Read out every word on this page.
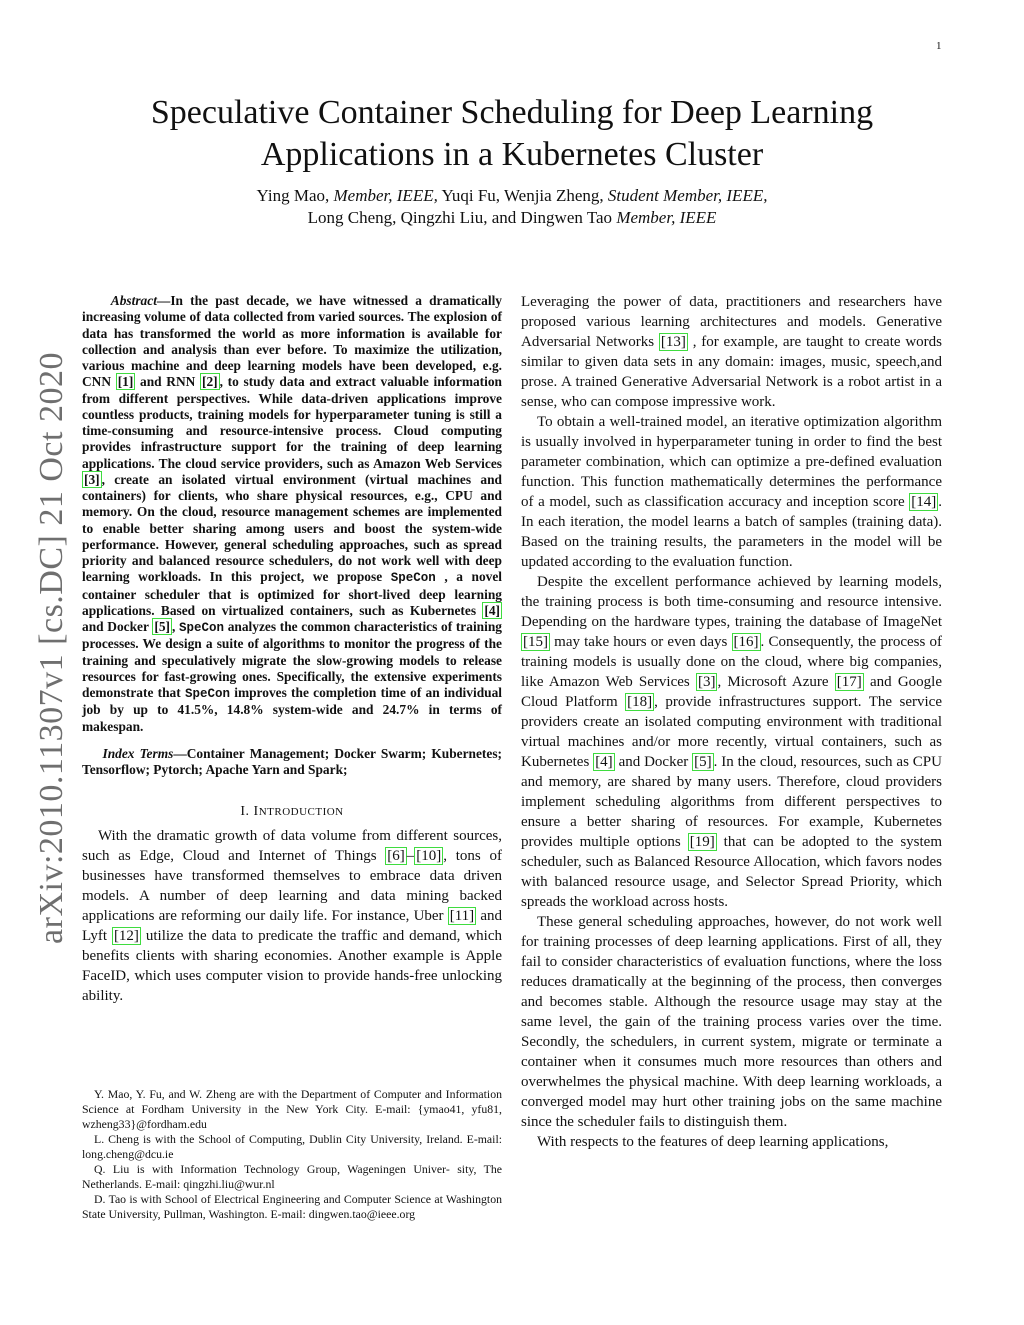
1
arXiv:2010.11307v1 [cs.DC] 21 Oct 2020
Speculative Container Scheduling for Deep Learning
Applications in a Kubernetes Cluster
Ying Mao, Member, IEEE, Yuqi Fu, Wenjia Zheng, Student Member, IEEE,
Long Cheng, Qingzhi Liu, and Dingwen Tao Member, IEEE

Abstract—In the past decade, we have witnessed a dramatically increasing volume of data collected from varied sources. The explosion of data has transformed the world as more information is available for collection and analysis than ever before. To maximize the utilization, various machine and deep learning models have been developed, e.g. CNN [1] and RNN [2] , to study data and extract valuable information from different perspectives. While data-driven applications improve countless products, training models for hyperparameter tuning is still a time-consuming and resource-intensive process. Cloud computing provides infrastructure support for the training of deep learning applications. The cloud service providers, such as Amazon Web Services [3] , create an isolated virtual environment (virtual machines and containers) for clients, who share physical resources, e.g., CPU and memory. On the cloud, resource management schemes are implemented to enable better sharing among users and boost the system-wide performance. However, general scheduling approaches, such as spread priority and balanced resource schedulers, do not work well with deep learning workloads. In this project, we propose SpeCon , a novel container scheduler that is optimized for short-lived deep learning applications. Based on virtualized containers, such as Kubernetes [4] and Docker [5] , SpeCon analyzes the common characteristics of training processes. We design a suite of algorithms to monitor the progress of the training and speculatively migrate the slow-growing models to release resources for fast-growing ones. Specifically, the extensive experiments demonstrate that SpeCon improves the completion time of an individual job by up to 41.5%, 14.8% system-wide and 24.7% in terms of makespan.

Index Terms—Container Management; Docker Swarm; Kubernetes; Tensorflow; Pytorch; Apache Yarn and Spark;

I. INTRODUCTION

With the dramatic growth of data volume from different sources, such as Edge, Cloud and Internet of Things [6] – [10] , tons of businesses have transformed themselves to embrace data driven models. A number of deep learning and data mining backed applications are reforming our daily life. For instance, Uber [11] and Lyft [12] utilize the data to predicate the traffic and demand, which benefits clients with sharing economies. Another example is Apple FaceID, which uses computer vision to provide hands-free unlocking ability.

Y. Mao, Y. Fu, and W. Zheng are with the Department of Computer and Information Science at Fordham University in the New York City. E-mail: {ymao41, yfu81, wzheng33}@fordham.edu

L. Cheng is with the School of Computing, Dublin City University, Ireland. E-mail: long.cheng@dcu.ie

Q. Liu is with Information Technology Group, Wageningen Univer- sity, The Netherlands. E-mail: qingzhi.liu@wur.nl

D. Tao is with School of Electrical Engineering and Computer Science at Washington State University, Pullman, Washington. E-mail: dingwen.tao@ieee.org

Leveraging the power of data, practitioners and researchers have proposed various learning architectures and models. Generative Adversarial Networks [13] , for example, are taught to create words similar to given data sets in any domain: images, music, speech,and prose. A trained Generative Adversarial Network is a robot artist in a sense, who can compose impressive work.

To obtain a well-trained model, an iterative optimization algorithm is usually involved in hyperparameter tuning in order to find the best parameter combination, which can optimize a pre-defined evaluation function. This function mathematically determines the performance of a model, such as classification accuracy and inception score [14] . In each iteration, the model learns a batch of samples (training data). Based on the training results, the parameters in the model will be updated according to the evaluation function.

Despite the excellent performance achieved by learning models, the training process is both time-consuming and resource intensive. Depending on the hardware types, training the database of ImageNet [15] may take hours or even days [16] . Consequently, the process of training models is usually done on the cloud, where big companies, like Amazon Web Services [3] , Microsoft Azure [17] and Google Cloud Platform [18] , provide infrastructures support. The service providers create an isolated computing environment with traditional virtual machines and/or more recently, virtual containers, such as Kubernetes [4] and Docker [5] . In the cloud, resources, such as CPU and memory, are shared by many users. Therefore, cloud providers implement scheduling algorithms from different perspectives to ensure a better sharing of resources. For example, Kubernetes provides multiple options [19] that can be adopted to the system scheduler, such as Balanced Resource Allocation, which favors nodes with balanced resource usage, and Selector Spread Priority, which spreads the workload across hosts.

These general scheduling approaches, however, do not work well for training processes of deep learning applications. First of all, they fail to consider characteristics of evaluation functions, where the loss reduces dramatically at the beginning of the process, then converges and becomes stable. Although the resource usage may stay at the same level, the gain of the training process varies over the time. Secondly, the schedulers, in current system, migrate or terminate a container when it consumes much more resources than others and overwhelmes the physical machine. With deep learning workloads, a converged model may hurt other training jobs on the same machine since the scheduler fails to distinguish them.

With respects to the features of deep learning applications,
